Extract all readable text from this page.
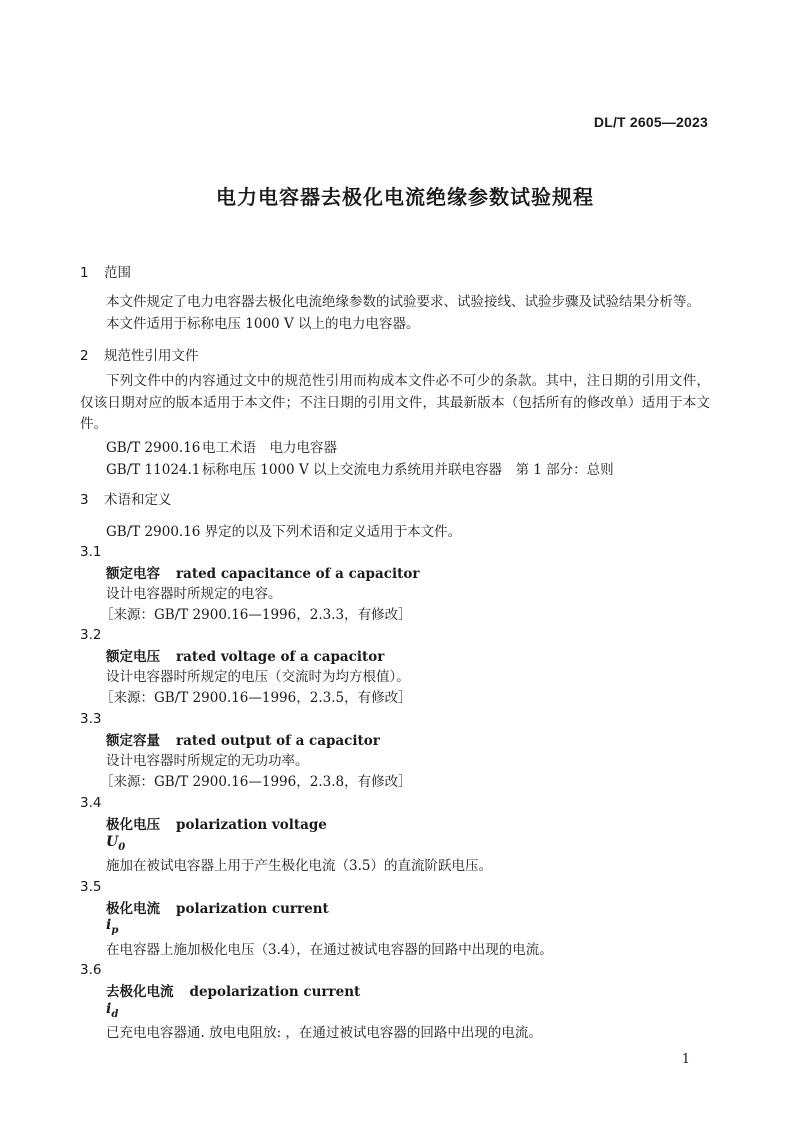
DL/T 2605—2023
电力电容器去极化电流绝缘参数试验规程
1 范围
本文件规定了电力电容器去极化电流绝缘参数的试验要求、试验接线、试验步骤及试验结果分析等。
本文件适用于标称电压 1000 V 以上的电力电容器。
2 规范性引用文件
下列文件中的内容通过文中的规范性引用而构成本文件必不可少的条款。其中，注日期的引用文件，仅该日期对应的版本适用于本文件；不注日期的引用文件，其最新版本（包括所有的修改单）适用于本文件。
GB/T 2900.16 电工术语　电力电容器
GB/T 11024.1 标称电压 1000 V 以上交流电力系统用并联电容器　第 1 部分：总则
3 术语和定义
GB/T 2900.16 界定的以及下列术语和定义适用于本文件。
3.1
额定电容 rated capacitance of a capacitor
设计电容器时所规定的电容。
［来源：GB/T 2900.16—1996，2.3.3，有修改］
3.2
额定电压 rated voltage of a capacitor
设计电容器时所规定的电压（交流时为均方根值）。
［来源：GB/T 2900.16—1996，2.3.5，有修改］
3.3
额定容量 rated output of a capacitor
设计电容器时所规定的无功功率。
［来源：GB/T 2900.16—1996，2.3.8，有修改］
3.4
极化电压 polarization voltage
$U_0$
施加在被试电容器上用于产生极化电流（3.5）的直流阶跃电压。
3.5
极化电流 polarization current
$i_p$
在电容器上施加极化电压（3.4），在通过被试电容器的回路中出现的电流。
3.6
去极化电流 depolarization current
$i_d$
已充电电容器通. 放电电阻放: ，在通过被试电容器的回路中出现的电流。
1
